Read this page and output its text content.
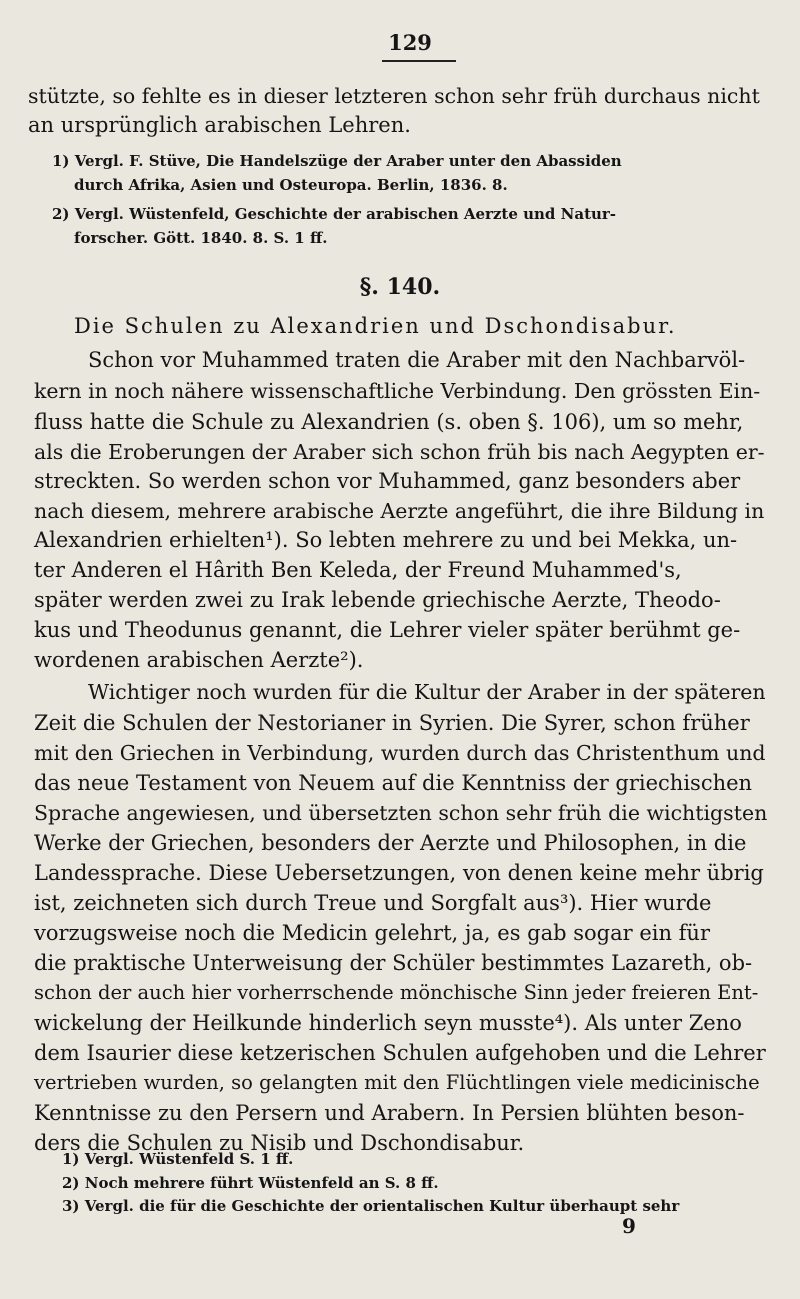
129
stützte, so fehlte es in dieser letzteren schon sehr früh durchaus nicht
an ursprünglich arabischen Lehren.
1) Vergl. F. Stüve, Die Handelszüge der Araber unter den Abassiden
durch Afrika, Asien und Osteuropa. Berlin, 1836. 8.
2) Vergl. Wüstenfeld, Geschichte der arabischen Aerzte und Natur-
forscher. Gött. 1840. 8. S. 1 ff.
§. 140.
Die Schulen zu Alexandrien und Dschondisabur.
Schon vor Muhammed traten die Araber mit den Nachbarvöl-
kern in noch nähere wissenschaftliche Verbindung. Den grössten Ein-
fluss hatte die Schule zu Alexandrien (s. oben §. 106), um so mehr,
als die Eroberungen der Araber sich schon früh bis nach Aegypten er-
streckten. So werden schon vor Muhammed, ganz besonders aber
nach diesem, mehrere arabische Aerzte angeführt, die ihre Bildung in
Alexandrien erhielten¹). So lebten mehrere zu und bei Mekka, un-
ter Anderen el Hârith Ben Keleda, der Freund Muhammed's,
später werden zwei zu Irak lebende griechische Aerzte, Theodo-
kus und Theodunus genannt, die Lehrer vieler später berühmt ge-
wordenen arabischen Aerzte²).
Wichtiger noch wurden für die Kultur der Araber in der späteren
Zeit die Schulen der Nestorianer in Syrien. Die Syrer, schon früher
mit den Griechen in Verbindung, wurden durch das Christenthum und
das neue Testament von Neuem auf die Kenntniss der griechischen
Sprache angewiesen, und übersetzten schon sehr früh die wichtigsten
Werke der Griechen, besonders der Aerzte und Philosophen, in die
Landessprache. Diese Uebersetzungen, von denen keine mehr übrig
ist, zeichneten sich durch Treue und Sorgfalt aus³). Hier wurde
vorzugsweise noch die Medicin gelehrt, ja, es gab sogar ein für
die praktische Unterweisung der Schüler bestimmtes Lazareth, ob-
schon der auch hier vorherrschende mönchische Sinn jeder freieren Ent-
wickelung der Heilkunde hinderlich seyn musste⁴). Als unter Zeno
dem Isaurier diese ketzerischen Schulen aufgehoben und die Lehrer
vertrieben wurden, so gelangten mit den Flüchtlingen viele medicinische
Kenntnisse zu den Persern und Arabern. In Persien blühten beson-
ders die Schulen zu Nisib und Dschondisabur.
1) Vergl. Wüstenfeld S. 1 ff.
2) Noch mehrere führt Wüstenfeld an S. 8 ff.
3) Vergl. die für die Geschichte der orientalischen Kultur überhaupt sehr
9
